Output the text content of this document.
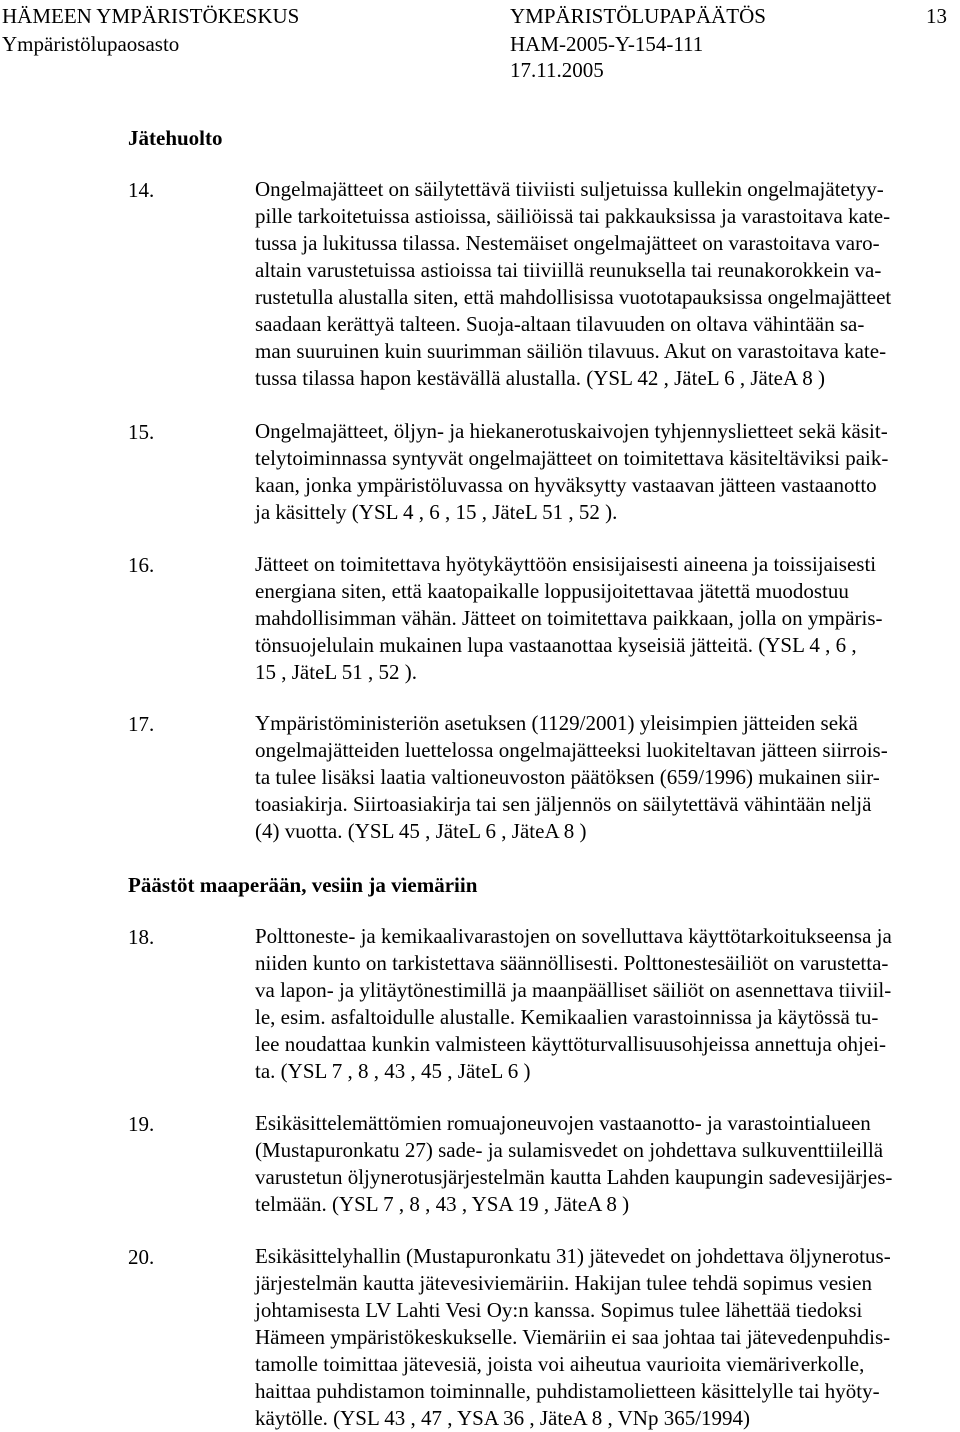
HÄMEEN YMPÄRISTÖKESKUS
Ympäristölupaosasto
YMPÄRISTÖLUPAPÄÄTÖS
HAM-2005-Y-154-111
17.11.2005
13
Jätehuolto
14.	Ongelmajätteet on säilytettävä tiiviisti suljetuissa kullekin ongelmajätetyy-
pille tarkoitetuissa astioissa, säiliöissä tai pakkauksissa ja varastoitava kate-
tussa ja lukitussa tilassa. Nestemäiset ongelmajätteet on varastoitava varo-
altain varustetuissa astioissa tai tiiviillä reunuksella tai reunakorokkein va-
rustetulla alustalla siten, että mahdollisissa vuototapauksissa ongelmajätteet
saadaan kerättyä talteen. Suoja-altaan tilavuuden on oltava vähintään sa-
man suuruinen kuin suurimman säiliön tilavuus. Akut on varastoitava kate-
tussa tilassa hapon kestävällä alustalla. (YSL 42 , JäteL 6 , JäteA 8 )
15.	Ongelmajätteet, öljyn- ja hiekanerotuskaivojen tyhjennyslietteet sekä käsit-
telytoiminnassa syntyvät ongelmajätteet on toimitettava käsiteltäviksi paik-
kaan, jonka ympäristöluvassa on hyväksytty vastaavan jätteen vastaanotto
ja käsittely (YSL 4 , 6 , 15 , JäteL 51 , 52 ).
16.	Jätteet on toimitettava hyötykäyttöön ensisijaisesti aineena ja toissijaisesti
energiana siten, että kaatopaikalle loppusijoitettavaa jätettä muodostuu
mahdollisimman vähän. Jätteet on toimitettava paikkaan, jolla on ympäris-
tönsuojelulain mukainen lupa vastaanottaa kyseisiä jätteitä. (YSL 4 , 6 ,
15 , JäteL 51 , 52 ).
17.	Ympäristöministeriön asetuksen (1129/2001) yleisimpien jätteiden sekä
ongelmajätteiden luettelossa ongelmajätteeksi luokiteltavan jätteen siirrois-
ta tulee lisäksi laatia valtioneuvoston päätöksen (659/1996) mukainen siir-
toasiakirja. Siirtoasiakirja tai sen jäljennös on säilytettävä vähintään neljä
(4) vuotta. (YSL 45 , JäteL 6 , JäteA 8 )
Päästöt maaperään, vesiin ja viemäriin
18.	Polttoneste- ja kemikaalivarastojen on sovelluttava käyttötarkoitukseensa ja
niiden kunto on tarkistettava säännöllisesti. Polttonestesäiliöt on varustetta-
va lapon- ja ylitäytönestimillä ja maanpäälliset säiliöt on asennettava tiiviil-
le, esim. asfaltoidulle alustalle. Kemikaalien varastoinnissa ja käytössä tu-
lee noudattaa kunkin valmisteen käyttöturvallisuusohjeissa annettuja ohjei-
ta. (YSL 7 , 8 , 43 , 45 , JäteL 6 )
19.	Esikäsittelemättömien romuajoneuvojen vastaanotto- ja varastointialueen
(Mustapuronkatu 27) sade- ja sulamisvedet on johdettava sulkuventtiileillä
varustetun öljynerotusjärjestelmän kautta Lahden kaupungin sadevesijärjes-
telmään. (YSL 7 , 8 , 43 , YSA 19 , JäteA 8 )
20.	Esikäsittelyhallin (Mustapuronkatu 31) jätevedet on johdettava öljynerotus-
järjestelmän kautta jätevesiviemäriin. Hakijan tulee tehdä sopimus vesien
johtamisesta LV Lahti Vesi Oy:n kanssa. Sopimus tulee lähettää tiedoksi
Hämeen ympäristökeskukselle. Viemäriin ei saa johtaa tai jätevedenpuhdis-
tamolle toimittaa jätevesiä, joista voi aiheutua vaurioita viemäriverkolle,
haittaa puhdistamon toiminnalle, puhdistamolietteen käsittelylle tai hyöty-
käytölle. (YSL 43 , 47 , YSA 36 , JäteA 8 , VNp 365/1994)
